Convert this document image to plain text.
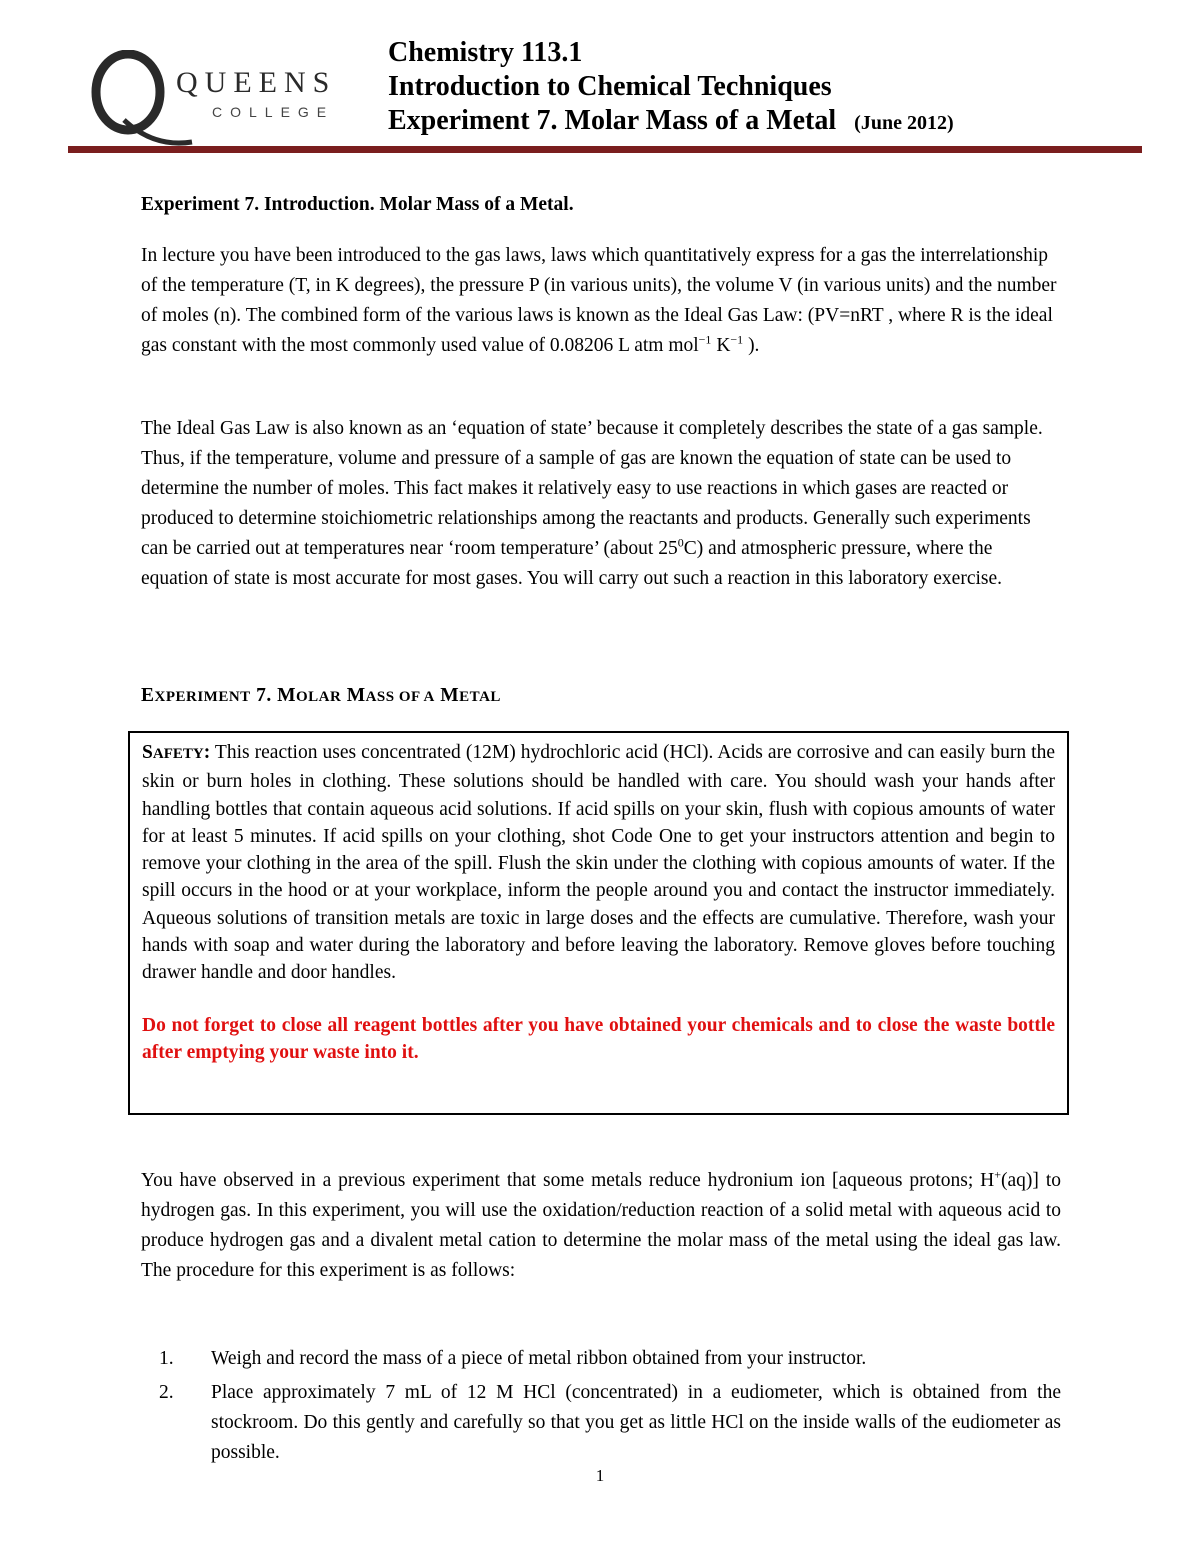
QUEENS
COLLEGE
Chemistry 113.1
Introduction to Chemical Techniques
Experiment 7. Molar Mass of a Metal (June 2012)
Experiment 7. Introduction. Molar Mass of a Metal.

In lecture you have been introduced to the gas laws, laws which quantitatively express for a gas the interrelationship of the temperature (T, in K degrees), the pressure P (in various units), the volume V (in various units) and the number of moles (n). The combined form of the various laws is known as the Ideal Gas Law: (PV=nRT , where R is the ideal gas constant with the most commonly used value of 0.08206 L atm mol$^{-1}$ $K^{-1}$ ).

The Ideal Gas Law is also known as an ‘equation of state’ because it completely describes the state of a gas sample. Thus, if the temperature, volume and pressure of a sample of gas are known the equation of state can be used to determine the number of moles. This fact makes it relatively easy to use reactions in which gases are reacted or produced to determine stoichiometric relationships among the reactants and products. Generally such experiments can be carried out at temperatures near ‘room temperature’ (about $25^0C$) and atmospheric pressure, where the equation of state is most accurate for most gases. You will carry out such a reaction in this laboratory exercise.

EXPERIMENT 7. MOLAR MASS OF A METAL

SAFETY: This reaction uses concentrated (12M) hydrochloric acid (HCl). Acids are corrosive and can easily burn the skin or burn holes in clothing. These solutions should be handled with care. You should wash your hands after handling bottles that contain aqueous acid solutions. If acid spills on your skin, flush with copious amounts of water for at least 5 minutes. If acid spills on your clothing, shot Code One to get your instructors attention and begin to remove your clothing in the area of the spill. Flush the skin under the clothing with copious amounts of water. If the spill occurs in the hood or at your workplace, inform the people around you and contact the instructor immediately. Aqueous solutions of transition metals are toxic in large doses and the effects are cumulative. Therefore, wash your hands with soap and water during the laboratory and before leaving the laboratory. Remove gloves before touching drawer handle and door handles.

Do not forget to close all reagent bottles after you have obtained your chemicals and to close the waste bottle after emptying your waste into it.

You have observed in a previous experiment that some metals reduce hydronium ion [aqueous protons; H+(aq)] to hydrogen gas. In this experiment, you will use the oxidation/reduction reaction of a solid metal with aqueous acid to produce hydrogen gas and a divalent metal cation to determine the molar mass of the metal using the ideal gas law. The procedure for this experiment is as follows:

1.	Weigh and record the mass of a piece of metal ribbon obtained from your instructor.
2.	Place approximately 7 mL of 12 M HCl (concentrated) in a eudiometer, which is obtained from the stockroom. Do this gently and carefully so that you get as little HCl on the inside walls of the eudiometer as possible.
1
